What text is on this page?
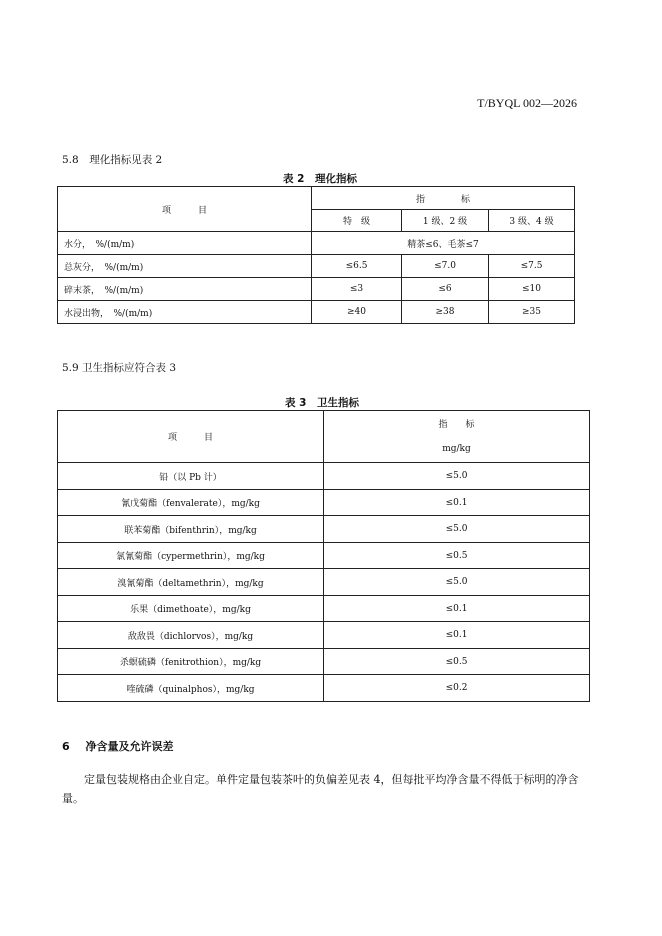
T/BYQL 002—2026
5.8　理化指标见表 2
表 2　理化指标
项　　　目	指　　　　标		
	特　级	1 级、2 级	3 级、4 级
水分，　%/(m/m)	精茶≤6、毛茶≤7		
总灰分，　%/(m/m)	≤6.5	≤7.0	≤7.5
碎末茶，　%/(m/m)	≤3	≤6	≤10
水浸出物，　%/(m/m)	≥40	≥38	≥35
5.9 卫生指标应符合表 3
表 3　卫生指标
项　　　目	指　　标
	mg/kg
铅（以 Pb 计）	≤5.0
氰戊菊酯（fenvalerate），mg/kg	≤0.1
联苯菊酯（bifenthrin），mg/kg	≤5.0
氯氰菊酯（cypermethrin），mg/kg	≤0.5
溴氰菊酯（deltamethrin），mg/kg	≤5.0
乐果（dimethoate），mg/kg	≤0.1
敌敌畏（dichlorvos），mg/kg	≤0.1
杀螟硫磷（fenitrothion），mg/kg	≤0.5
喹硫磷（quinalphos），mg/kg	≤0.2
6 净含量及允许误差
定量包装规格由企业自定。单件定量包装茶叶的负偏差见表 4，但每批平均净含量不得低于标明的净含量。
